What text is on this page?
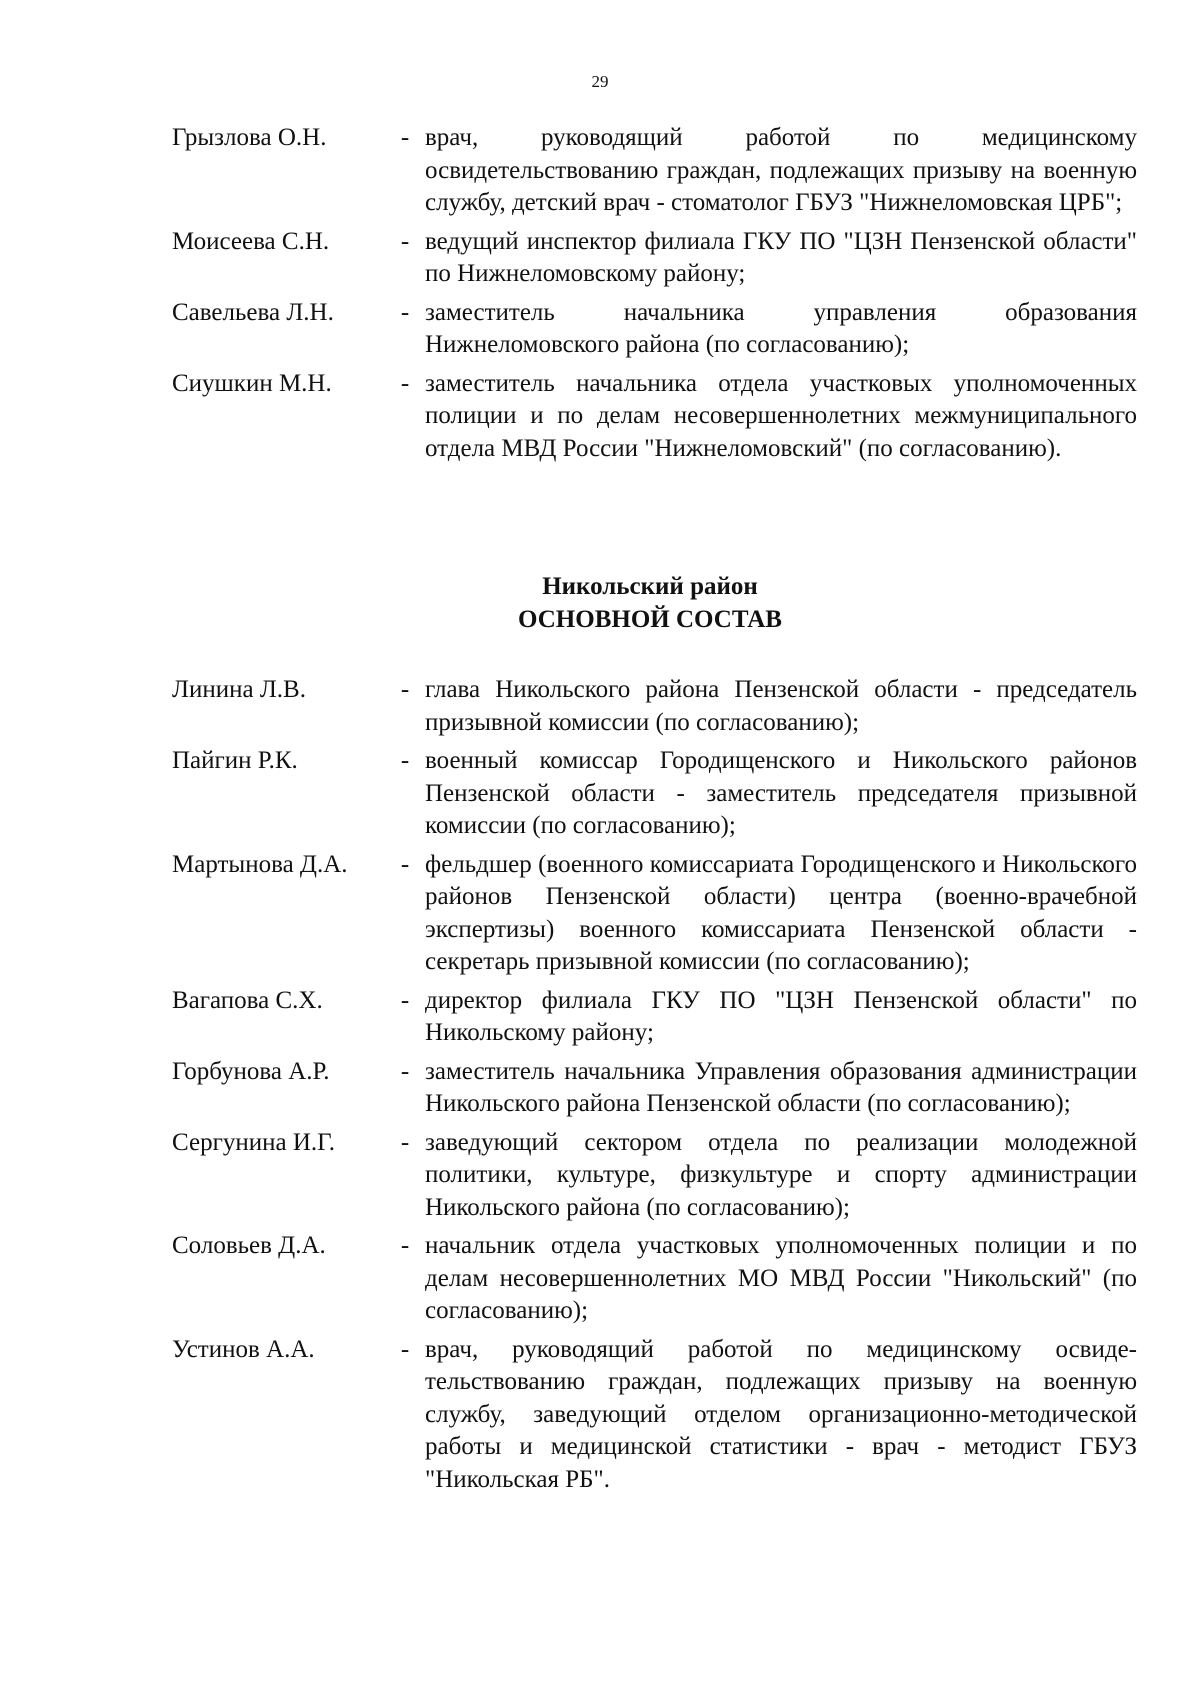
29
Грызлова О.Н.	- врач, руководящий работой по медицинскому освидетельствованию граждан, подлежащих призыву на военную службу, детский врач - стоматолог ГБУЗ "Нижнеломовская ЦРБ";
Моисеева С.Н.	- ведущий инспектор филиала ГКУ ПО "ЦЗН Пензенской области" по Нижнеломовскому району;
Савельева Л.Н.	- заместитель начальника управления образования Нижнеломовского района (по согласованию);
Сиушкин М.Н.	- заместитель начальника отдела участковых уполномоченных полиции и по делам несовершеннолетних межмуниципального отдела МВД России "Нижнеломовский" (по согласованию).
Никольский район
ОСНОВНОЙ СОСТАВ
Линина Л.В.	- глава Никольского района Пензенской области - председатель призывной комиссии (по согласованию);
Пайгин Р.К.	- военный комиссар Городищенского и Никольского районов Пензенской области - заместитель председателя призывной комиссии (по согласованию);
Мартынова Д.А.	- фельдшер (военного комиссариата Городищенского и Никольского районов Пензенской области) центра (военно-врачебной экспертизы) военного комиссариата Пензенской области - секретарь призывной комиссии (по согласованию);
Вагапова С.Х.	- директор филиала ГКУ ПО "ЦЗН Пензенской области" по Никольскому району;
Горбунова А.Р.	- заместитель начальника Управления образования администрации Никольского района Пензенской области (по согласованию);
Сергунина И.Г.	- заведующий сектором отдела по реализации молодежной политики, культуре, физкультуре и спорту администрации Никольского района (по согласованию);
Соловьев Д.А.	- начальник отдела участковых уполномоченных полиции и по делам несовершеннолетних МО МВД России "Никольский" (по согласованию);
Устинов А.А.	- врач, руководящий работой по медицинскому освидетельствованию граждан, подлежащих призыву на военную службу, заведующий отделом организационно-методической работы и медицинской статистики - врач - методист ГБУЗ "Никольская РБ".
